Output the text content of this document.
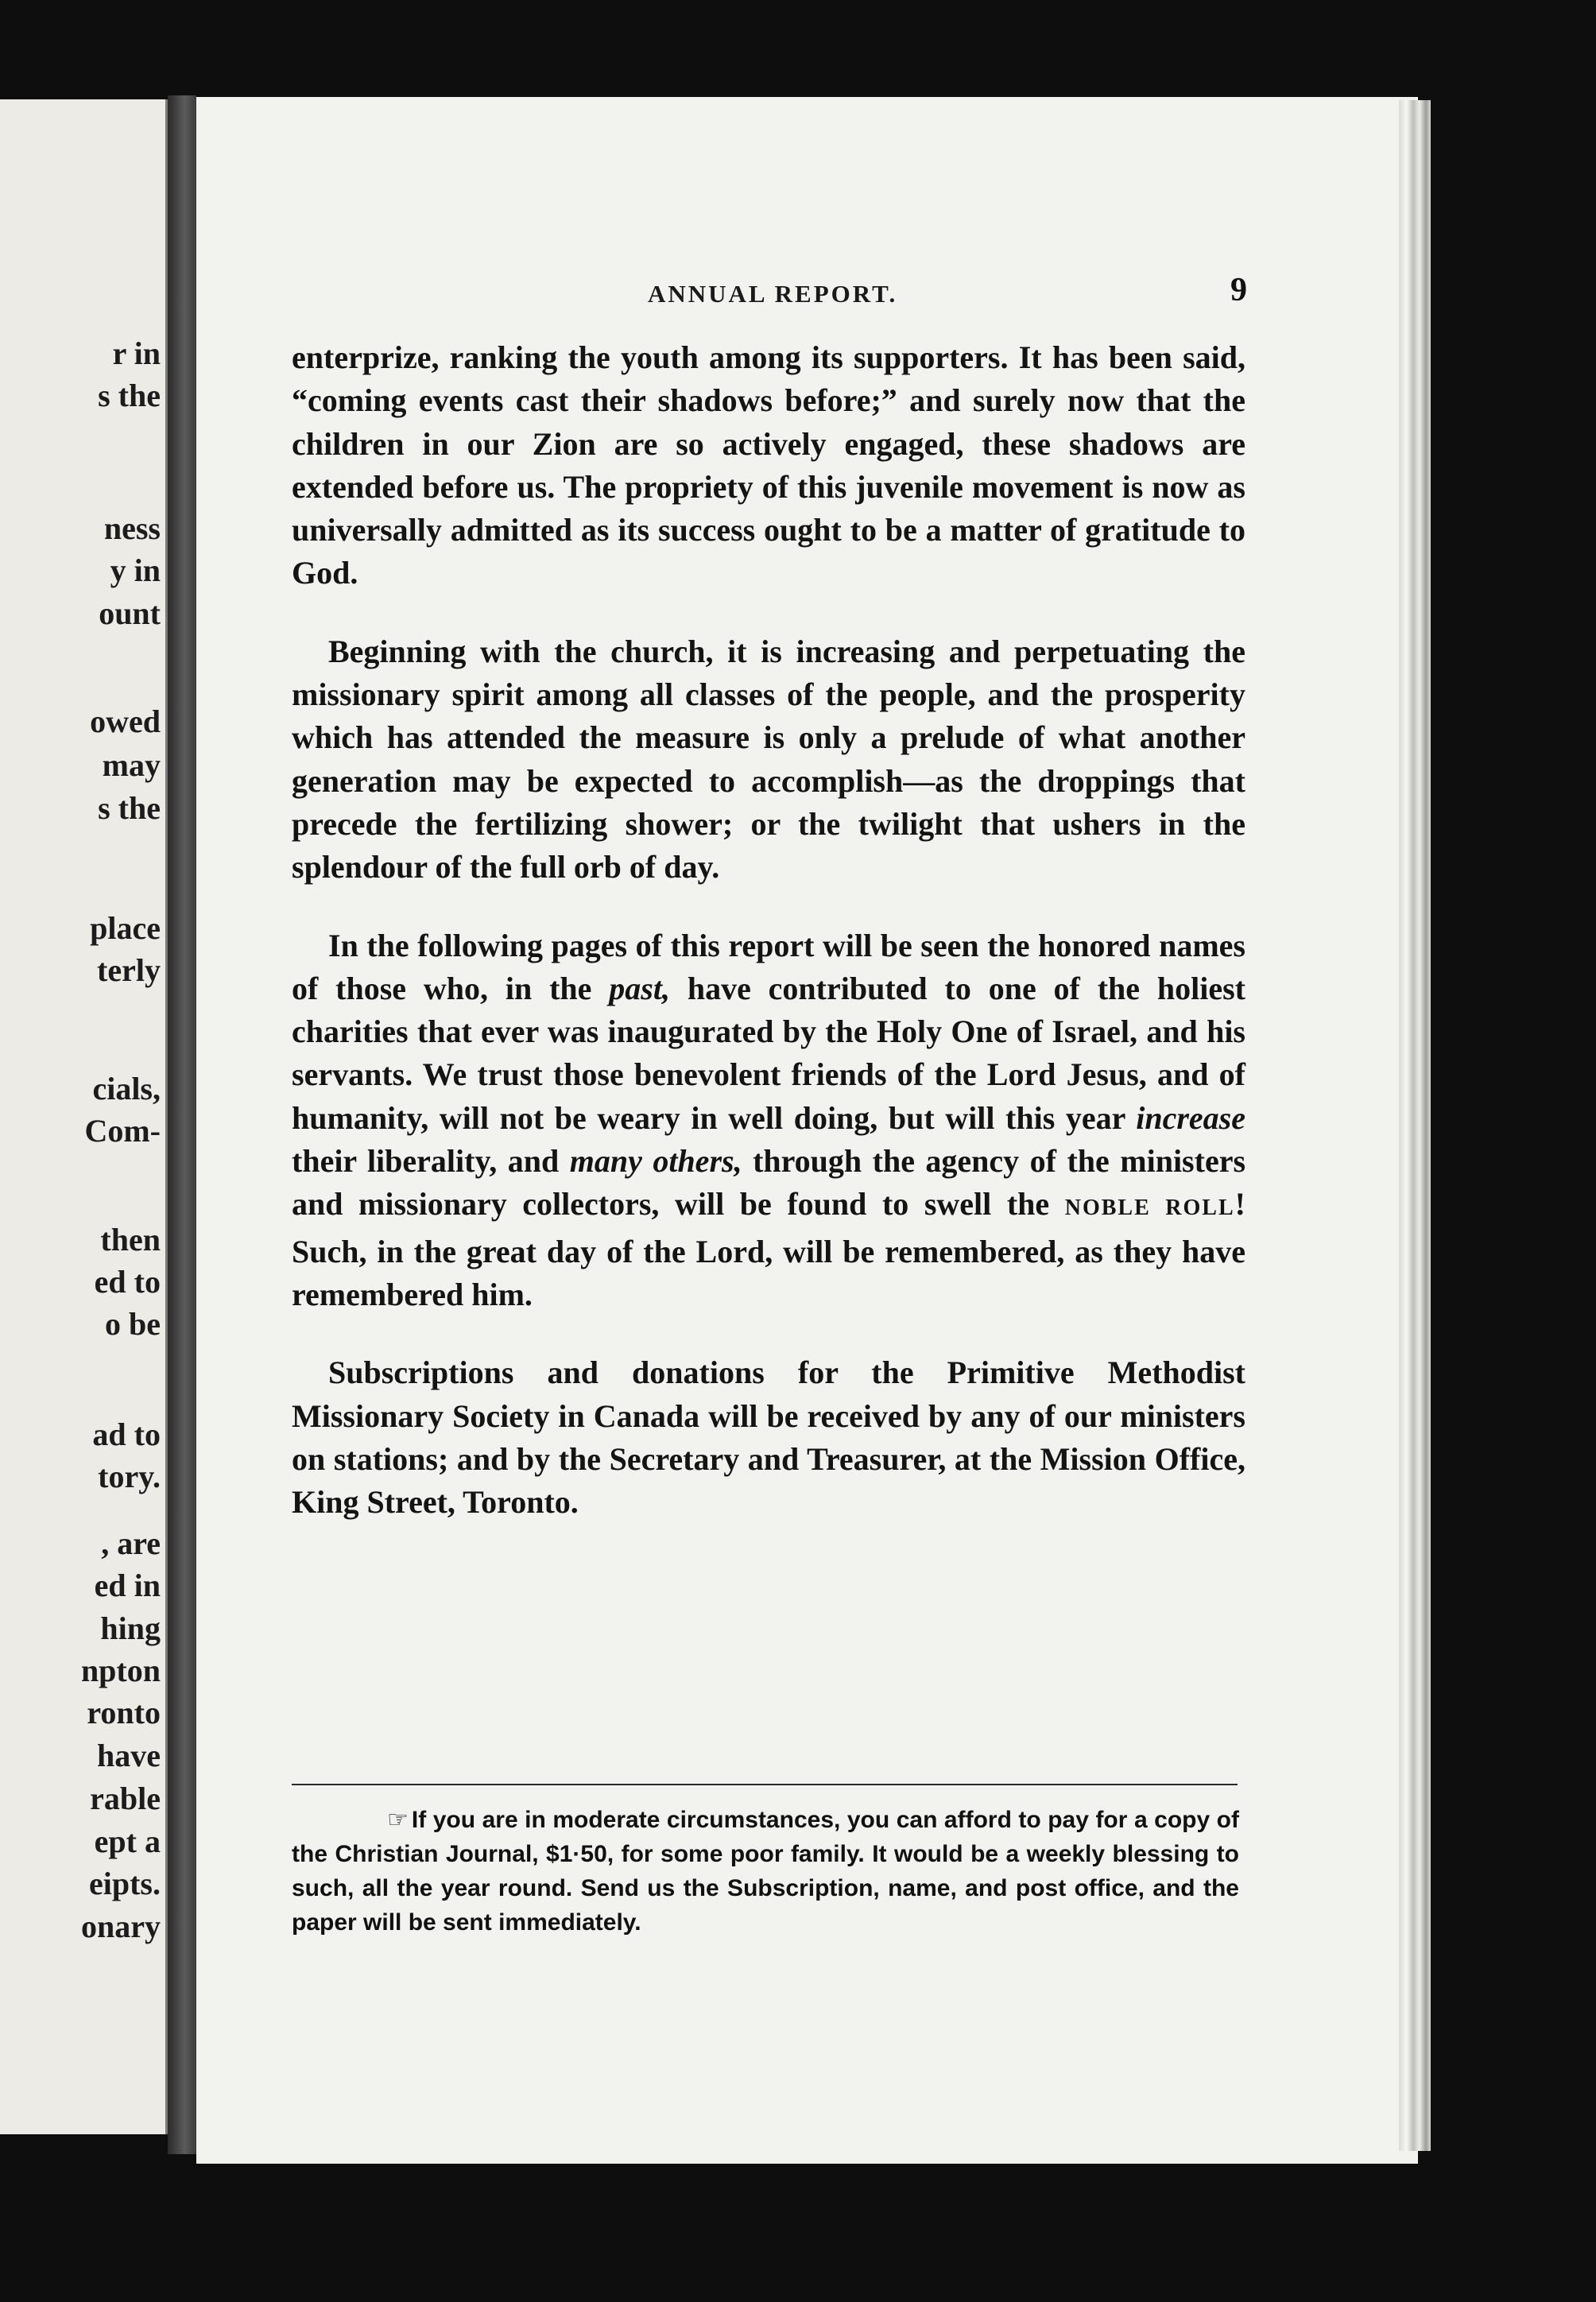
r in
s the
ness
y in
ount
owed
may
s the
place
terly
cials,
Com-
then
ed to
o be
ad to
tory.
, are
ed in
hing
npton
ronto
have
rable
ept a
eipts.
onary
ANNUAL REPORT.	9

enterprize, ranking the youth among its supporters. It has been said, “coming events cast their shadows before;” and surely now that the children in our Zion are so actively engaged, these shadows are extended before us. The propriety of this juvenile movement is now as universally admitted as its success ought to be a matter of gratitude to God.

Beginning with the church, it is increasing and perpetuating the missionary spirit among all classes of the people, and the prosperity which has attended the measure is only a prelude of what another generation may be expected to accomplish—as the droppings that precede the fertilizing shower; or the twilight that ushers in the splendour of the full orb of day.

In the following pages of this report will be seen the honored names of those who, in the past, have contributed to one of the holiest charities that ever was inaugurated by the Holy One of Israel, and his servants. We trust those benevolent friends of the Lord Jesus, and of humanity, will not be weary in well doing, but will this year increase their liberality, and many others, through the agency of the ministers and missionary collectors, will be found to swell the NOBLE ROLL! Such, in the great day of the Lord, will be remembered, as they have remembered him.

Subscriptions and donations for the Primitive Methodist Missionary Society in Canada will be received by any of our ministers on stations; and by the Secretary and Treasurer, at the Mission Office, King Street, Toronto.

☞ If you are in moderate circumstances, you can afford to pay for a copy of the Christian Journal, $1·50, for some poor family. It would be a weekly blessing to such, all the year round. Send us the Subscription, name, and post office, and the paper will be sent immediately.
